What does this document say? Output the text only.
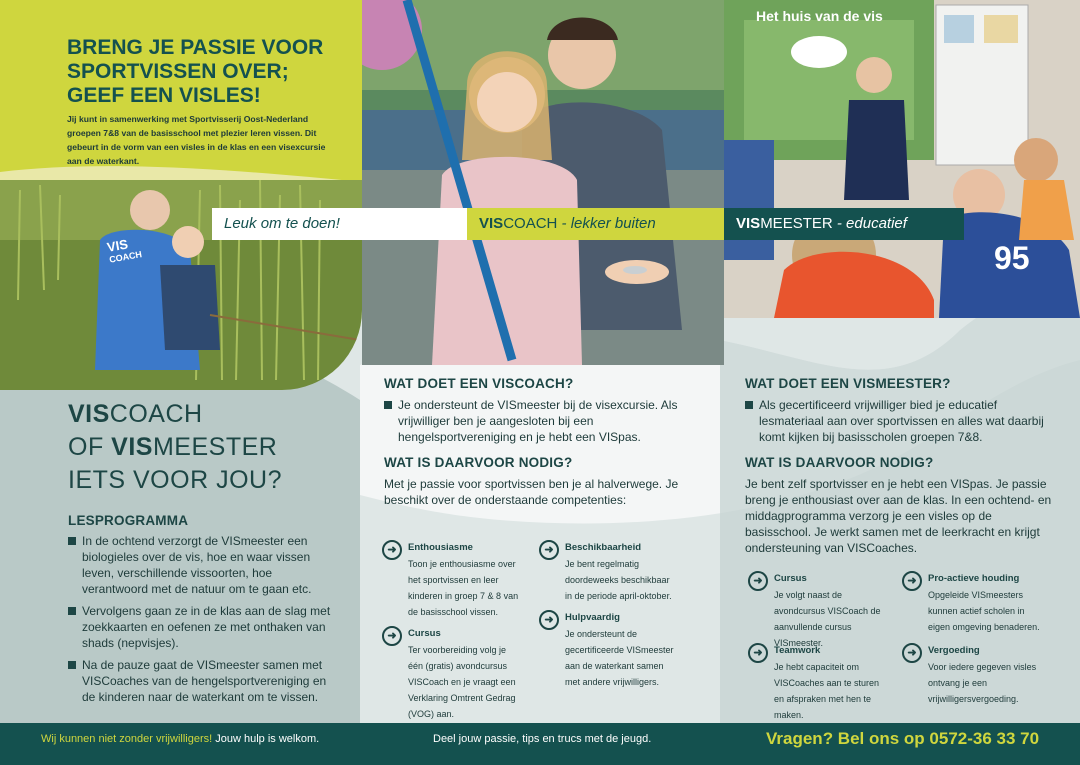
VIS
COACH
Het huis van de vis
95
BRENG JE PASSIE VOOR
SPORTVISSEN OVER;
GEEF EEN VISLES!
Jij kunt in samenwerking met Sportvisserij Oost-Nederland groepen 7&8 van de basisschool met plezier leren vissen. Dit gebeurt in de vorm van een visles in de klas en een visexcursie aan de waterkant.
Leuk om te doen!	VISCOACH - lekker buiten	VISMEESTER - educatief
VISCOACH
OF VISMEESTER
IETS VOOR JOU?
LESPROGRAMMA
In de ochtend verzorgt de VISmeester een biologieles over de vis, hoe en waar vissen leven, verschillende vissoorten, hoe verantwoord met de natuur om te gaan etc.
Vervolgens gaan ze in de klas aan de slag met zoekkaarten en oefenen ze met onthaken van shads (nepvisjes).
Na de pauze gaat de VISmeester samen met VISCoaches van de hengelsportvereniging en de kinderen naar de waterkant om te vissen.
WAT DOET EEN VISCOACH?
Je ondersteunt de VISmeester bij de visexcursie. Als vrijwilliger ben je aangesloten bij een hengelsportvereniging en je hebt een VISpas.
WAT IS DAARVOOR NODIG?
Met je passie voor sportvissen ben je al halverwege. Je beschikt over de onderstaande competenties:
➜	Enthousiasme
Toon je enthousiasme over het sportvissen en leer kinderen in groep 7 & 8 van de basisschool vissen.
➜	Beschikbaarheid
Je bent regelmatig doordeweeks beschikbaar in de periode april-oktober.
➜	Cursus
Ter voorbereiding volg je één (gratis) avondcursus VISCoach en je vraagt een Verklaring Omtrent Gedrag (VOG) aan.
➜	Hulpvaardig
Je ondersteunt de gecertificeerde VISmeester aan de waterkant samen met andere vrijwilligers.
WAT DOET EEN VISMEESTER?
Als gecertificeerd vrijwilliger bied je educatief lesmateriaal aan over sportvissen en alles wat daarbij komt kijken bij basisscholen groepen 7&8.
WAT IS DAARVOOR NODIG?
Je bent zelf sportvisser en je hebt een VISpas. Je passie breng je enthousiast over aan de klas. In een ochtend- en middagprogramma verzorg je een visles op de basisschool. Je werkt samen met de leerkracht en krijgt ondersteuning van VISCoaches.
➜	Cursus
Je volgt naast de avondcursus VISCoach de aanvullende cursus VISmeester.
➜	Pro-actieve houding
Opgeleide VISmeesters kunnen actief scholen in eigen omgeving benaderen.
➜	Teamwork
Je hebt capaciteit om VISCoaches aan te sturen en afspraken met hen te maken.
➜	Vergoeding
Voor iedere gegeven visles ontvang je een vrijwilligersvergoeding.
Wij kunnen niet zonder vrijwilligers! Jouw hulp is welkom.	Deel jouw passie, tips en trucs met de jeugd.	Vragen? Bel ons op 0572-36 33 70
